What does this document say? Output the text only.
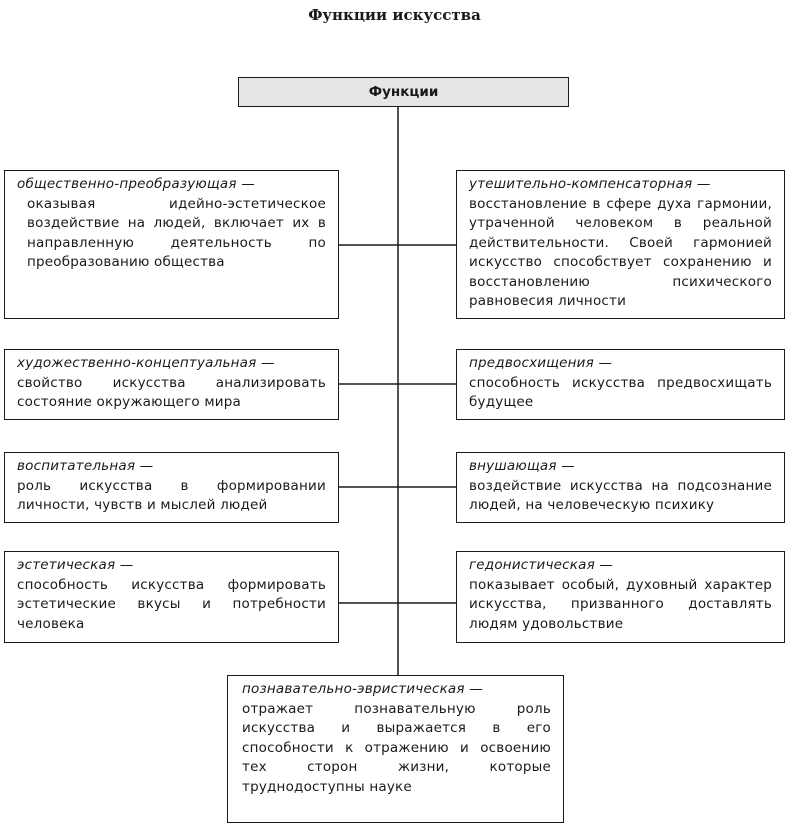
Функции искусства
Функции
общественно-преобразующая —
оказывая идейно-эстетическое воздействие на людей, включает их в направленную деятельность по преобразованию общества
утешительно-компенсаторная —
восстановление в сфере духа гармонии, утраченной человеком в реальной действительности. Своей гармонией искусство способствует сохранению и восстановлению психического равновесия личности
художественно-концептуальная —
свойство искусства анализировать состояние окружающего мира
предвосхищения —
способность искусства предвосхищать будущее
воспитательная —
роль искусства в формировании личности, чувств и мыслей людей
внушающая —
воздействие искусства на подсознание людей, на человеческую психику
эстетическая —
способность искусства формировать эстетические вкусы и потребности человека
гедонистическая —
показывает особый, духовный характер искусства, призванного доставлять людям удовольствие
познавательно-эвристическая —
отражает познавательную роль искусства и выражается в его способности к отражению и освоению тех сторон жизни, которые труднодоступны науке
